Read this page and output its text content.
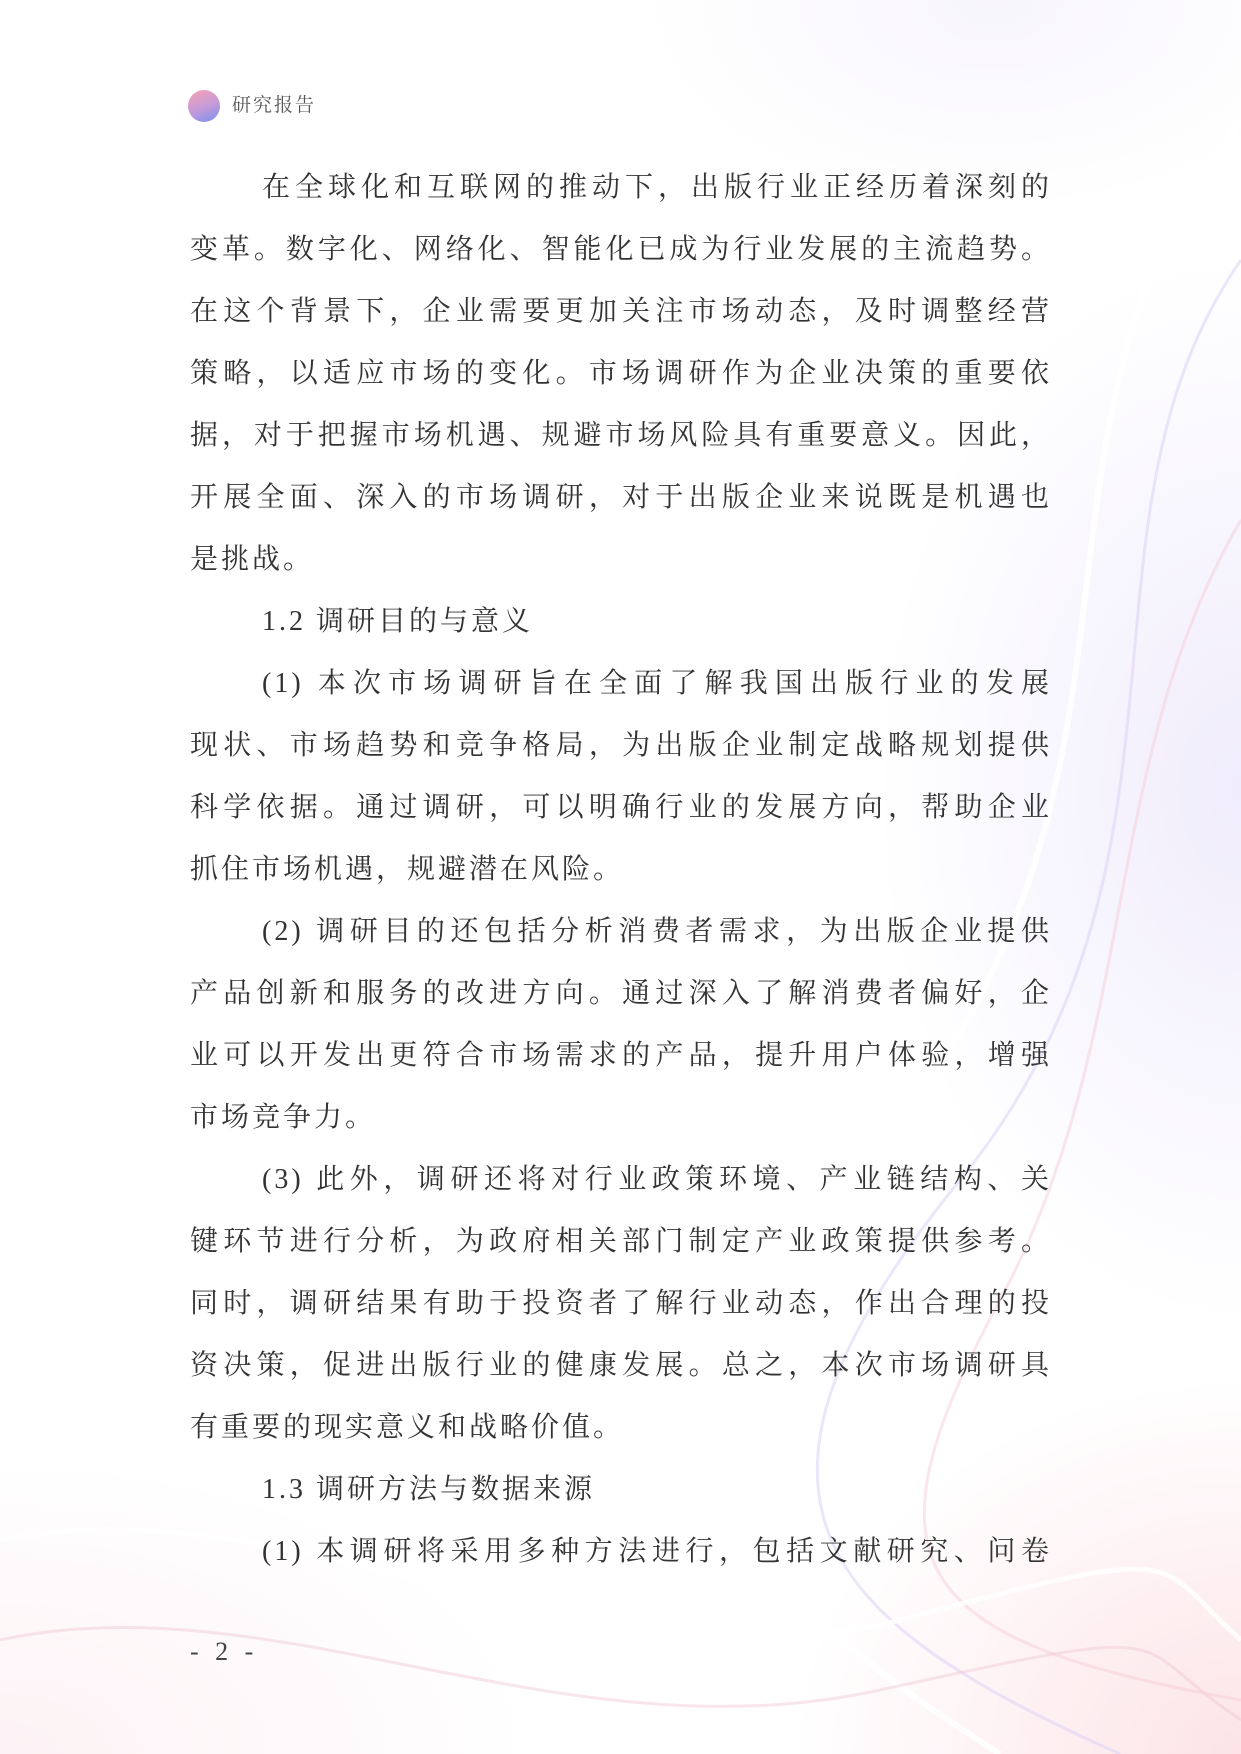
研究报告
在全球化和互联网的推动下，出版行业正经历着深刻的
变革。数字化、网络化、智能化已成为行业发展的主流趋势。
在这个背景下，企业需要更加关注市场动态，及时调整经营
策略，以适应市场的变化。市场调研作为企业决策的重要依
据，对于把握市场机遇、规避市场风险具有重要意义。因此，
开展全面、深入的市场调研，对于出版企业来说既是机遇也
是挑战。
1.2 调研目的与意义
(1) 本次市场调研旨在全面了解我国出版行业的发展
现状、市场趋势和竞争格局，为出版企业制定战略规划提供
科学依据。通过调研，可以明确行业的发展方向，帮助企业
抓住市场机遇，规避潜在风险。
(2) 调研目的还包括分析消费者需求，为出版企业提供
产品创新和服务的改进方向。通过深入了解消费者偏好，企
业可以开发出更符合市场需求的产品，提升用户体验，增强
市场竞争力。
(3) 此外，调研还将对行业政策环境、产业链结构、关
键环节进行分析，为政府相关部门制定产业政策提供参考。
同时，调研结果有助于投资者了解行业动态，作出合理的投
资决策，促进出版行业的健康发展。总之，本次市场调研具
有重要的现实意义和战略价值。
1.3 调研方法与数据来源
(1) 本调研将采用多种方法进行，包括文献研究、问卷
- 2 -
